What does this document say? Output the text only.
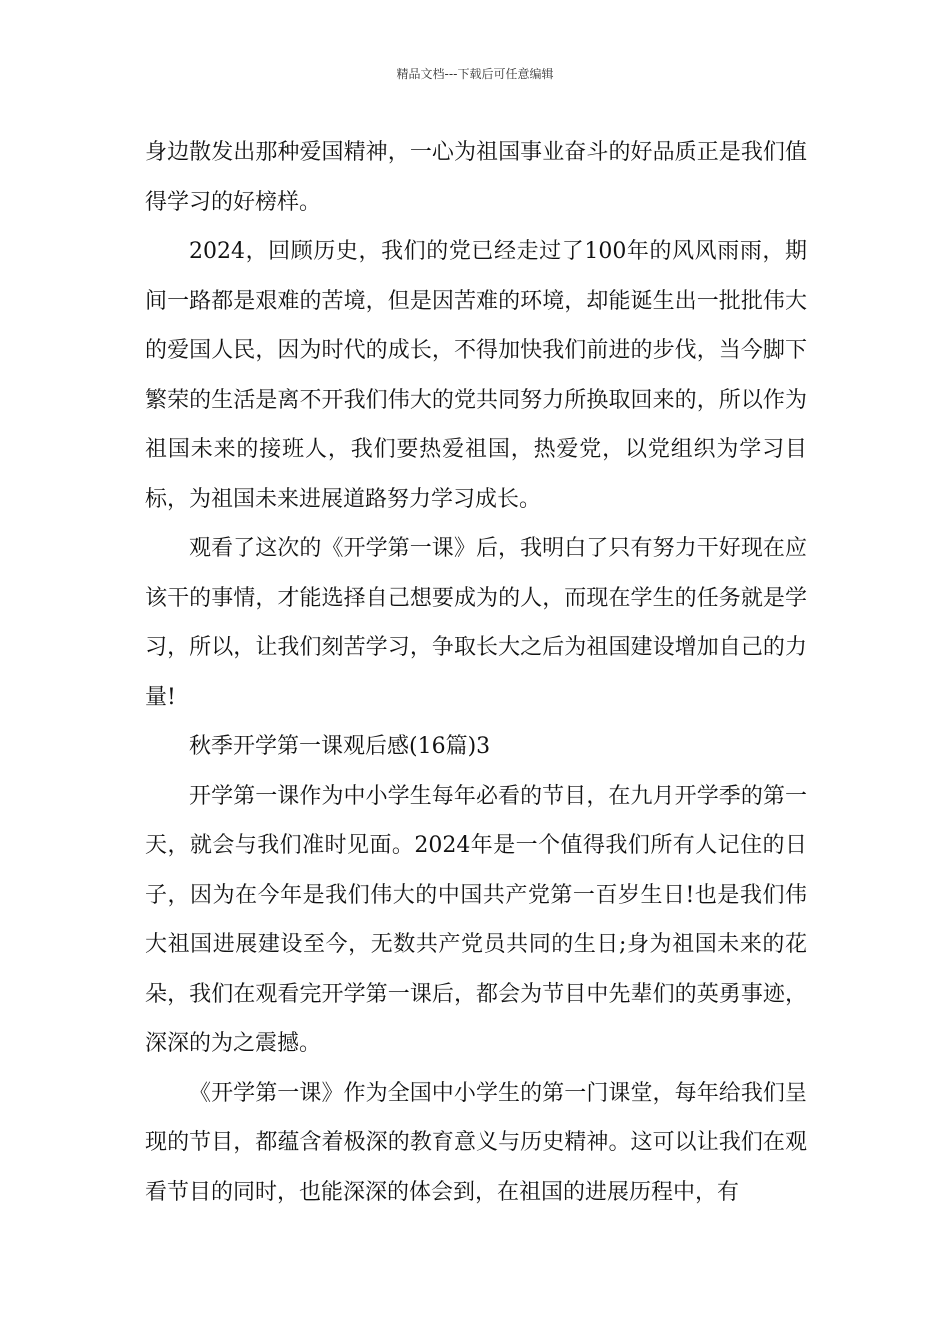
精品文档---下载后可任意编辑

身边散发出那种爱国精神，一心为祖国事业奋斗的好品质正是我们值得学习的好榜样。

2024，回顾历史，我们的党已经走过了100年的风风雨雨，期间一路都是艰难的苦境，但是因苦难的环境，却能诞生出一批批伟大的爱国人民，因为时代的成长，不得加快我们前进的步伐，当今脚下繁荣的生活是离不开我们伟大的党共同努力所换取回来的，所以作为祖国未来的接班人，我们要热爱祖国，热爱党，以党组织为学习目标，为祖国未来进展道路努力学习成长。

观看了这次的《开学第一课》后，我明白了只有努力干好现在应该干的事情，才能选择自己想要成为的人，而现在学生的任务就是学习，所以，让我们刻苦学习，争取长大之后为祖国建设增加自己的力量!

秋季开学第一课观后感(16篇)3

开学第一课作为中小学生每年必看的节目，在九月开学季的第一天，就会与我们准时见面。2024年是一个值得我们所有人记住的日子，因为在今年是我们伟大的中国共产党第一百岁生日!也是我们伟大祖国进展建设至今，无数共产党员共同的生日;身为祖国未来的花朵，我们在观看完开学第一课后，都会为节目中先辈们的英勇事迹，深深的为之震撼。

《开学第一课》作为全国中小学生的第一门课堂，每年给我们呈现的节目，都蕴含着极深的教育意义与历史精神。这可以让我们在观看节目的同时，也能深深的体会到，在祖国的进展历程中，有
